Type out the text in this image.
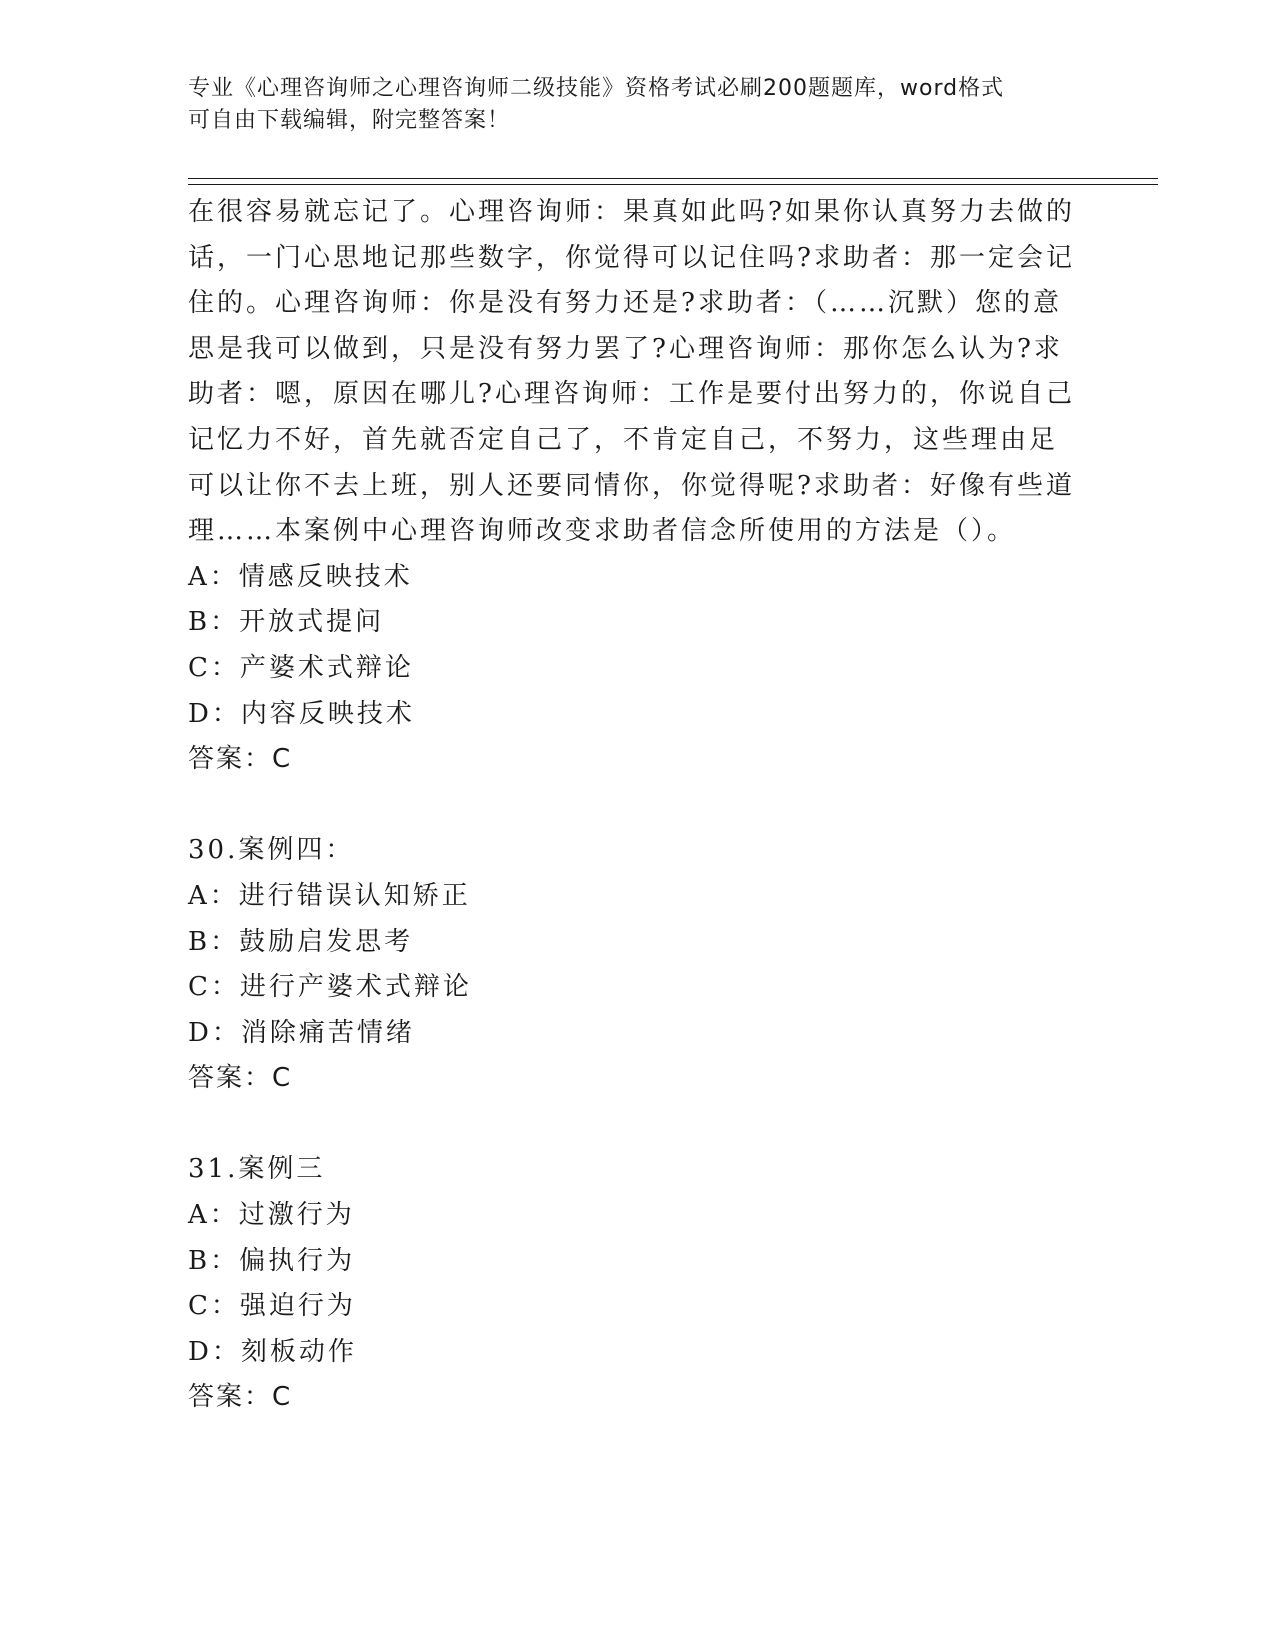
专业《心理咨询师之心理咨询师二级技能》资格考试必刷200题题库，word格式
可自由下载编辑，附完整答案！
在很容易就忘记了。心理咨询师：果真如此吗?如果你认真努力去做的
话，一门心思地记那些数字，你觉得可以记住吗?求助者：那一定会记
住的。心理咨询师：你是没有努力还是?求助者：（……沉默）您的意
思是我可以做到，只是没有努力罢了?心理咨询师：那你怎么认为?求
助者：嗯，原因在哪儿?心理咨询师：工作是要付出努力的，你说自己
记忆力不好，首先就否定自己了，不肯定自己，不努力，这些理由足
可以让你不去上班，别人还要同情你，你觉得呢?求助者：好像有些道
理……本案例中心理咨询师改变求助者信念所使用的方法是（）。
A：情感反映技术
B：开放式提问
C：产婆术式辩论
D：内容反映技术
答案：C
30.案例四：
A：进行错误认知矫正
B：鼓励启发思考
C：进行产婆术式辩论
D：消除痛苦情绪
答案：C
31.案例三
A：过激行为
B：偏执行为
C：强迫行为
D：刻板动作
答案：C
